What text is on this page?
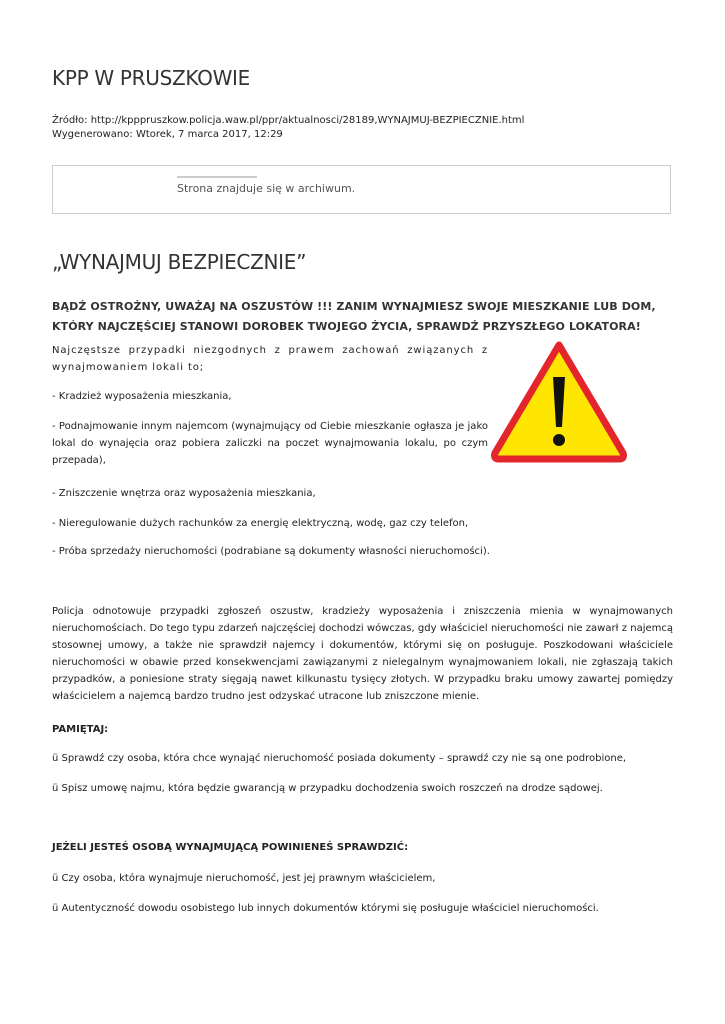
KPP W PRUSZKOWIE
Źródło: http://kpppruszkow.policja.waw.pl/ppr/aktualnosci/28189,WYNAJMUJ-BEZPIECZNIE.html
Wygenerowano: Wtorek, 7 marca 2017, 12:29
Strona znajduje się w archiwum.
„WYNAJMUJ BEZPIECZNIE”

BĄDŹ OSTROŻNY, UWAŻAJ NA OSZUSTÓW !!! ZANIM WYNAJMIESZ SWOJE MIESZKANIE LUB DOM, KTÓRY NAJCZĘŚCIEJ STANOWI DOROBEK TWOJEGO ŻYCIA, SPRAWDŹ PRZYSZŁEGO LOKATORA!

Najczęstsze przypadki niezgodnych z prawem zachowań związanych z wynajmowaniem lokali to;

- Kradzież wyposażenia mieszkania,

- Podnajmowanie innym najemcom (wynajmujący od Ciebie mieszkanie ogłasza je jako lokal do wynajęcia oraz pobiera zaliczki na poczet wynajmowania lokalu, po czym przepada),

- Zniszczenie wnętrza oraz wyposażenia mieszkania,

- Nieregulowanie dużych rachunków za energię elektryczną, wodę, gaz czy telefon,

- Próba sprzedaży nieruchomości (podrabiane są dokumenty własności nieruchomości).

Policja odnotowuje przypadki zgłoszeń oszustw, kradzieży wyposażenia i zniszczenia mienia w wynajmowanych nieruchomościach. Do tego typu zdarzeń najczęściej dochodzi wówczas, gdy właściciel nieruchomości nie zawarł z najemcą stosownej umowy, a także nie sprawdził najemcy i dokumentów, którymi się on posługuje. Poszkodowani właściciele nieruchomości w obawie przed konsekwencjami zawiązanymi z nielegalnym wynajmowaniem lokali, nie zgłaszają takich przypadków, a poniesione straty sięgają nawet kilkunastu tysięcy złotych. W przypadku braku umowy zawartej pomiędzy właścicielem a najemcą bardzo trudno jest odzyskać utracone lub zniszczone mienie.

PAMIĘTAJ:

ü Sprawdź czy osoba, która chce wynająć nieruchomość posiada dokumenty – sprawdź czy nie są one podrobione,

ü Spisz umowę najmu, która będzie gwarancją w przypadku dochodzenia swoich roszczeń na drodze sądowej.

JEŻELI JESTEŚ OSOBĄ WYNAJMUJĄCĄ POWINIENEŚ SPRAWDZIĆ:

ü Czy osoba, która wynajmuje nieruchomość, jest jej prawnym właścicielem,

ü Autentyczność dowodu osobistego lub innych dokumentów którymi się posługuje właściciel nieruchomości.
